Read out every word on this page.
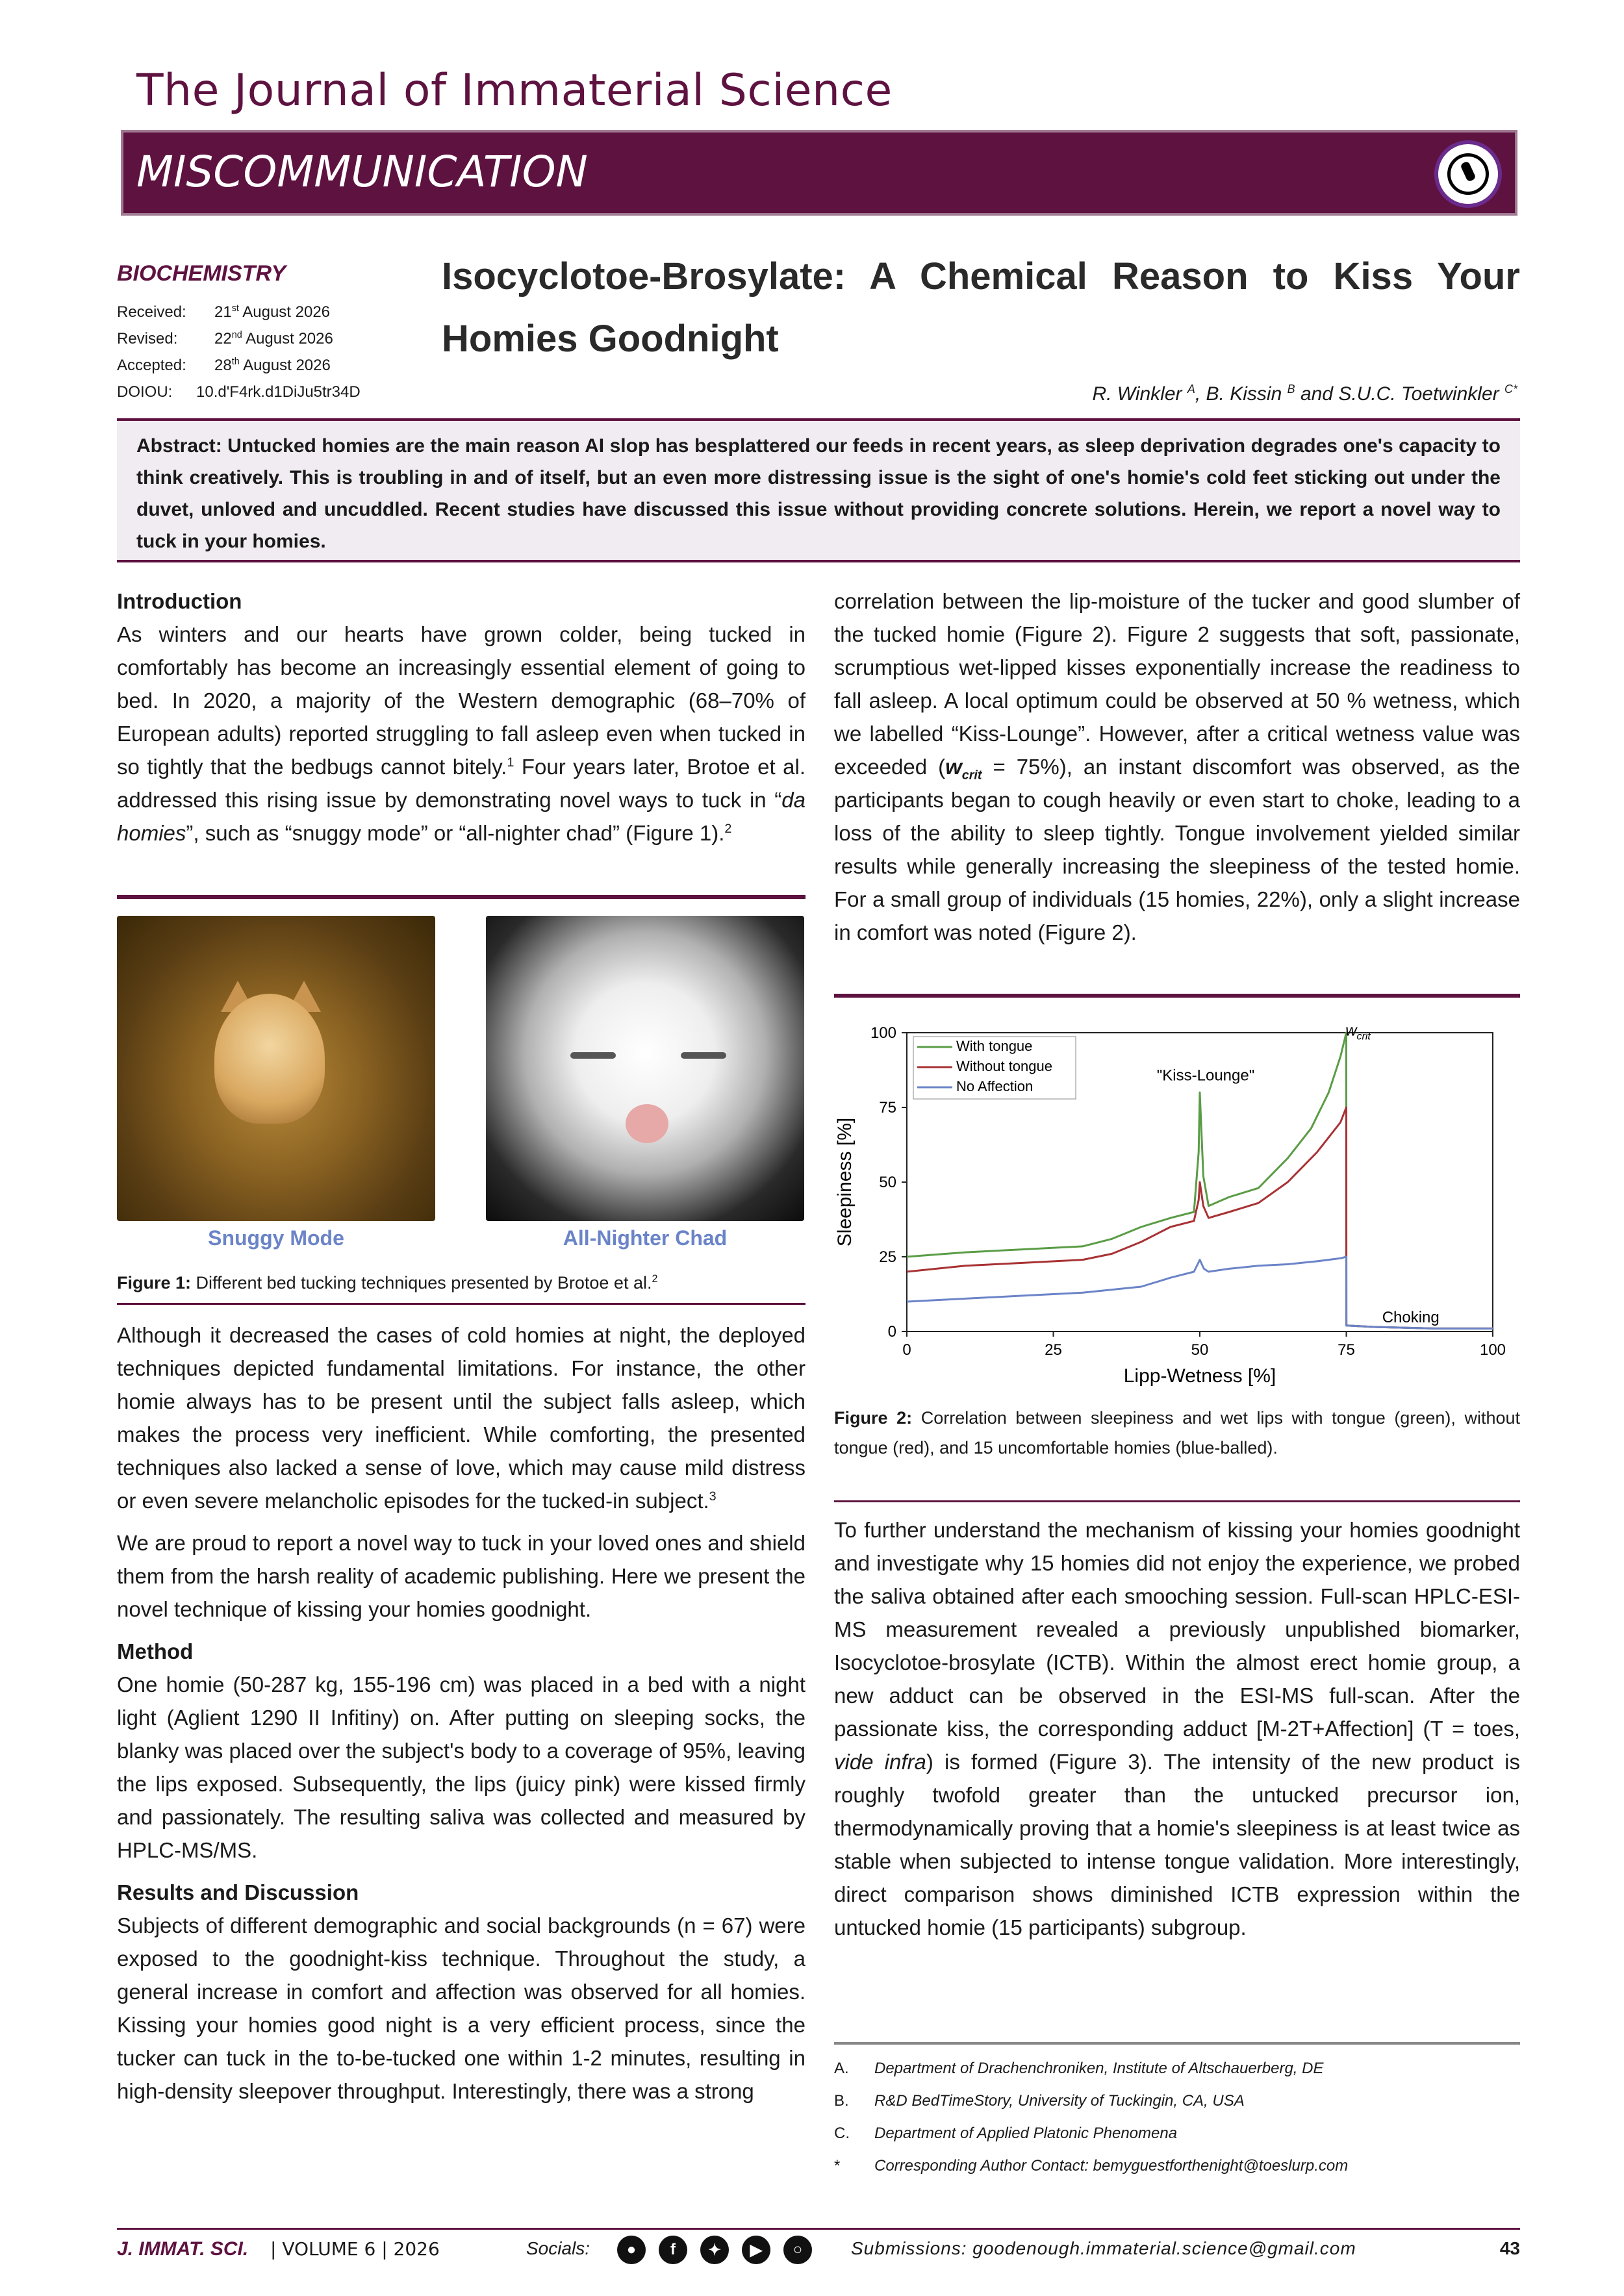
The Journal of Immaterial Science
MISCOMMUNICATION
BIOCHEMISTRY
Received: 21st August 2026
Revised: 22nd August 2026
Accepted: 28th August 2026
DOIOU: 10.d'F4rk.d1DiJu5tr34D
Isocyclotoe-Brosylate: A Chemical Reason to Kiss Your Homies Goodnight
R. Winkler $^A$, B. Kissin $^B$ and S.U.C. Toetwinkler $^{C*}$
Abstract: Untucked homies are the main reason AI slop has besplattered our feeds in recent years, as sleep deprivation degrades one's capacity to think creatively. This is troubling in and of itself, but an even more distressing issue is the sight of one's homie's cold feet sticking out under the duvet, unloved and uncuddled. Recent studies have discussed this issue without providing concrete solutions. Herein, we report a novel way to tuck in your homies.
Introduction

As winters and our hearts have grown colder, being tucked in comfortably has become an increasingly essential element of going to bed. In 2020, a majority of the Western demographic (68–70% of European adults) reported struggling to fall asleep even when tucked in so tightly that the bedbugs cannot bitely.$^1$ Four years later, Brotoe et al. addressed this rising issue by demonstrating novel ways to tuck in “da homies”, such as “snuggy mode” or “all-nighter chad” (Figure 1).$^2$

Snuggy Mode	All-Nighter Chad
Figure 1: Different bed tucking techniques presented by Brotoe et al.$^2$

Although it decreased the cases of cold homies at night, the deployed techniques depicted fundamental limitations. For instance, the other homie always has to be present until the subject falls asleep, which makes the process very inefficient. While comforting, the presented techniques also lacked a sense of love, which may cause mild distress or even severe melancholic episodes for the tucked-in subject.$^3$

We are proud to report a novel way to tuck in your loved ones and shield them from the harsh reality of academic publishing. Here we present the novel technique of kissing your homies goodnight.

Method

One homie (50-287 kg, 155-196 cm) was placed in a bed with a night light (Aglient 1290 II Infitiny) on. After putting on sleeping socks, the blanky was placed over the subject's body to a coverage of 95%, leaving the lips exposed. Subsequently, the lips (juicy pink) were kissed firmly and passionately. The resulting saliva was collected and measured by HPLC-MS/MS.

Results and Discussion

Subjects of different demographic and social backgrounds (n = 67) were exposed to the goodnight-kiss technique. Throughout the study, a general increase in comfort and affection was observed for all homies. Kissing your homies good night is a very efficient process, since the tucker can tuck in the to-be-tucked one within 1-2 minutes, resulting in high-density sleepover throughput. Interestingly, there was a strong

correlation between the lip-moisture of the tucker and good slumber of the tucked homie (Figure 2). Figure 2 suggests that soft, passionate, scrumptious wet-lipped kisses exponentially increase the readiness to fall asleep. A local optimum could be observed at 50 % wetness, which we labelled “Kiss-Lounge”. However, after a critical wetness value was exceeded $(w_{crit} = 75\%)$, an instant discomfort was observed, as the participants began to cough heavily or even start to choke, leading to a loss of the ability to sleep tightly. Tongue involvement yielded similar results while generally increasing the sleepiness of the tested homie. For a small group of individuals (15 homies, 22%), only a slight increase in comfort was noted (Figure 2).

0	25	50	75	100
0
25
50
75
100
Lipp-Wetness [%]
Sleepiness [%]
With tongue
Without tongue
No Affection
"Kiss-Lounge"
Choking
$w_{crit}$
Figure 2: Correlation between sleepiness and wet lips with tongue (green), without tongue (red), and 15 uncomfortable homies (blue-balled).

To further understand the mechanism of kissing your homies goodnight and investigate why 15 homies did not enjoy the experience, we probed the saliva obtained after each smooching session. Full-scan HPLC-ESI-MS measurement revealed a previously unpublished biomarker, Isocyclotoe-brosylate (ICTB). Within the almost erect homie group, a new adduct can be observed in the ESI-MS full-scan. After the passionate kiss, the corresponding adduct [M-2T+Affection] (T = toes, vide infra) is formed (Figure 3). The intensity of the new product is roughly twofold greater than the untucked precursor ion, thermodynamically proving that a homie's sleepiness is at least twice as stable when subjected to intense tongue validation. More interestingly, direct comparison shows diminished ICTB expression within the untucked homie (15 participants) subgroup.

A. Department of Drachenchroniken, Institute of Altschauerberg, DE
B. R&D BedTimeStory, University of Tuckingin, CA, USA
C. Department of Applied Platonic Phenomena
* Corresponding Author Contact: bemyguestforthenight@toeslurp.com
J. IMMAT. SCI. | VOLUME 6 | 2026	Socials:	●	f	✦	▶	○	Submissions: goodenough.immaterial.science@gmail.com	43
